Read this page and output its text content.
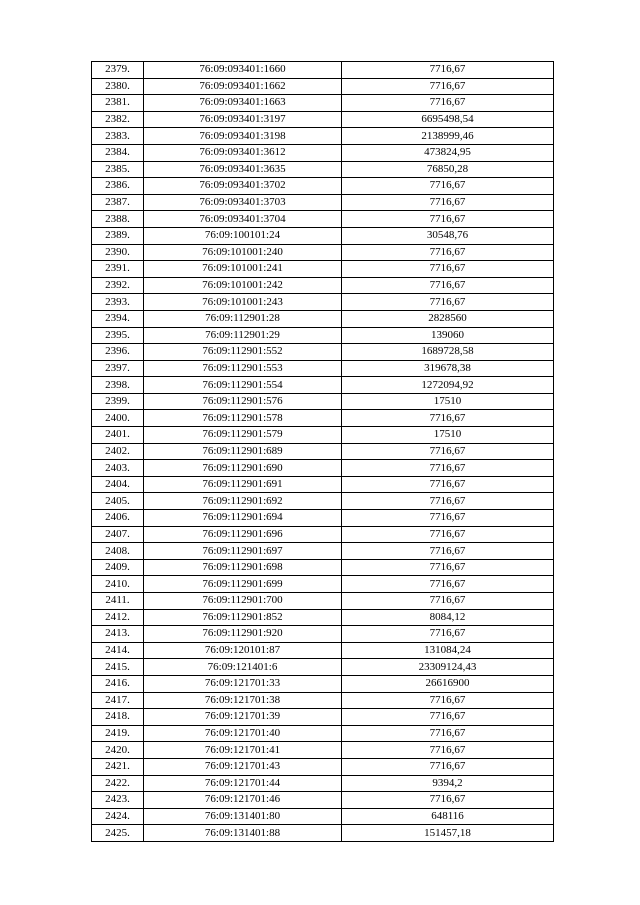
2379.	76:09:093401:1660	7716,67
2380.	76:09:093401:1662	7716,67
2381.	76:09:093401:1663	7716,67
2382.	76:09:093401:3197	6695498,54
2383.	76:09:093401:3198	2138999,46
2384.	76:09:093401:3612	473824,95
2385.	76:09:093401:3635	76850,28
2386.	76:09:093401:3702	7716,67
2387.	76:09:093401:3703	7716,67
2388.	76:09:093401:3704	7716,67
2389.	76:09:100101:24	30548,76
2390.	76:09:101001:240	7716,67
2391.	76:09:101001:241	7716,67
2392.	76:09:101001:242	7716,67
2393.	76:09:101001:243	7716,67
2394.	76:09:112901:28	2828560
2395.	76:09:112901:29	139060
2396.	76:09:112901:552	1689728,58
2397.	76:09:112901:553	319678,38
2398.	76:09:112901:554	1272094,92
2399.	76:09:112901:576	17510
2400.	76:09:112901:578	7716,67
2401.	76:09:112901:579	17510
2402.	76:09:112901:689	7716,67
2403.	76:09:112901:690	7716,67
2404.	76:09:112901:691	7716,67
2405.	76:09:112901:692	7716,67
2406.	76:09:112901:694	7716,67
2407.	76:09:112901:696	7716,67
2408.	76:09:112901:697	7716,67
2409.	76:09:112901:698	7716,67
2410.	76:09:112901:699	7716,67
2411.	76:09:112901:700	7716,67
2412.	76:09:112901:852	8084,12
2413.	76:09:112901:920	7716,67
2414.	76:09:120101:87	131084,24
2415.	76:09:121401:6	23309124,43
2416.	76:09:121701:33	26616900
2417.	76:09:121701:38	7716,67
2418.	76:09:121701:39	7716,67
2419.	76:09:121701:40	7716,67
2420.	76:09:121701:41	7716,67
2421.	76:09:121701:43	7716,67
2422.	76:09:121701:44	9394,2
2423.	76:09:121701:46	7716,67
2424.	76:09:131401:80	648116
2425.	76:09:131401:88	151457,18
